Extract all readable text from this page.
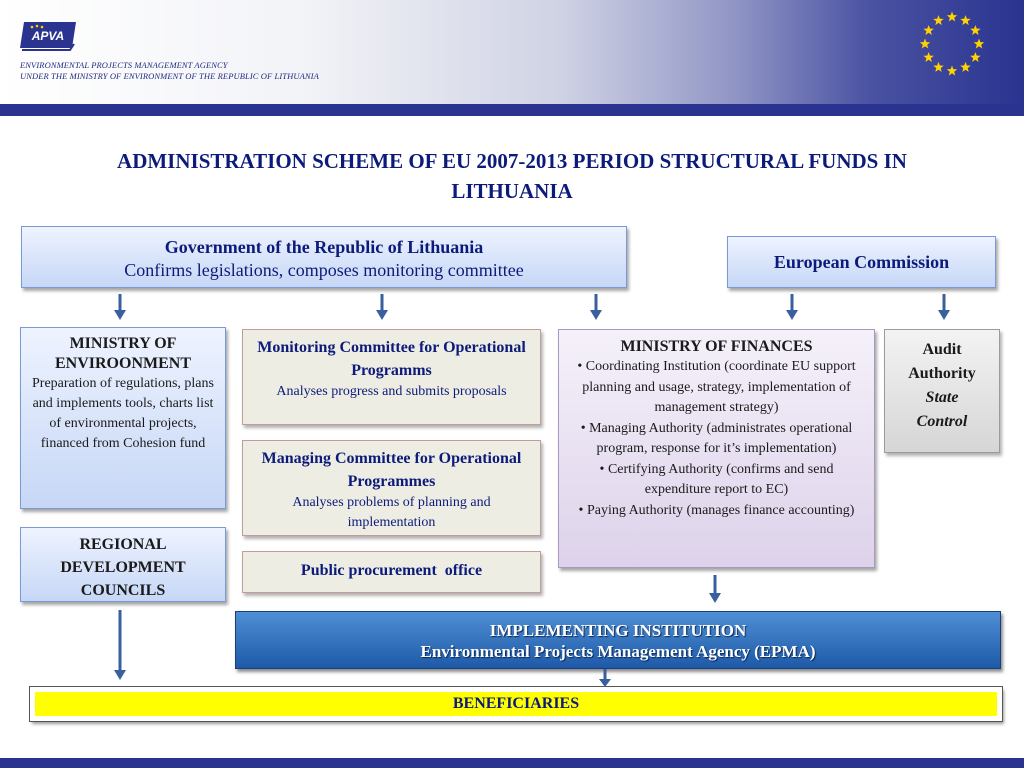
APVA
ENVIRONMENTAL PROJECTS MANAGEMENT AGENCY
UNDER THE MINISTRY OF ENVIRONMENT OF THE REPUBLIC OF LITHUANIA
ADMINISTRATION SCHEME OF EU 2007-2013 PERIOD STRUCTURAL FUNDS IN
LITHUANIA
Government of the Republic of Lithuania
Confirms legislations, composes monitoring committee	European Commission
MINISTRY OF
ENVIROONMENT
Preparation of regulations, plans and implements tools, charts list of environmental projects, financed from Cohesion fund
Monitoring Committee for Operational Programms
Analyses progress and submits proposals
Managing Committee for Operational Programmes
Analyses problems of planning and implementation
Public procurement  office
MINISTRY OF FINANCES
• Coordinating Institution (coordinate EU support planning and usage, strategy, implementation of management strategy)
• Managing Authority (administrates operational program, response for it’s implementation)
• Certifying Authority (confirms and send expenditure report to EC)
• Paying Authority (manages finance accounting)
Audit
Authority
State
Control
REGIONAL
DEVELOPMENT
COUNCILS
IMPLEMENTING INSTITUTION
Environmental Projects Management Agency (EPMA)
BENEFICIARIES
